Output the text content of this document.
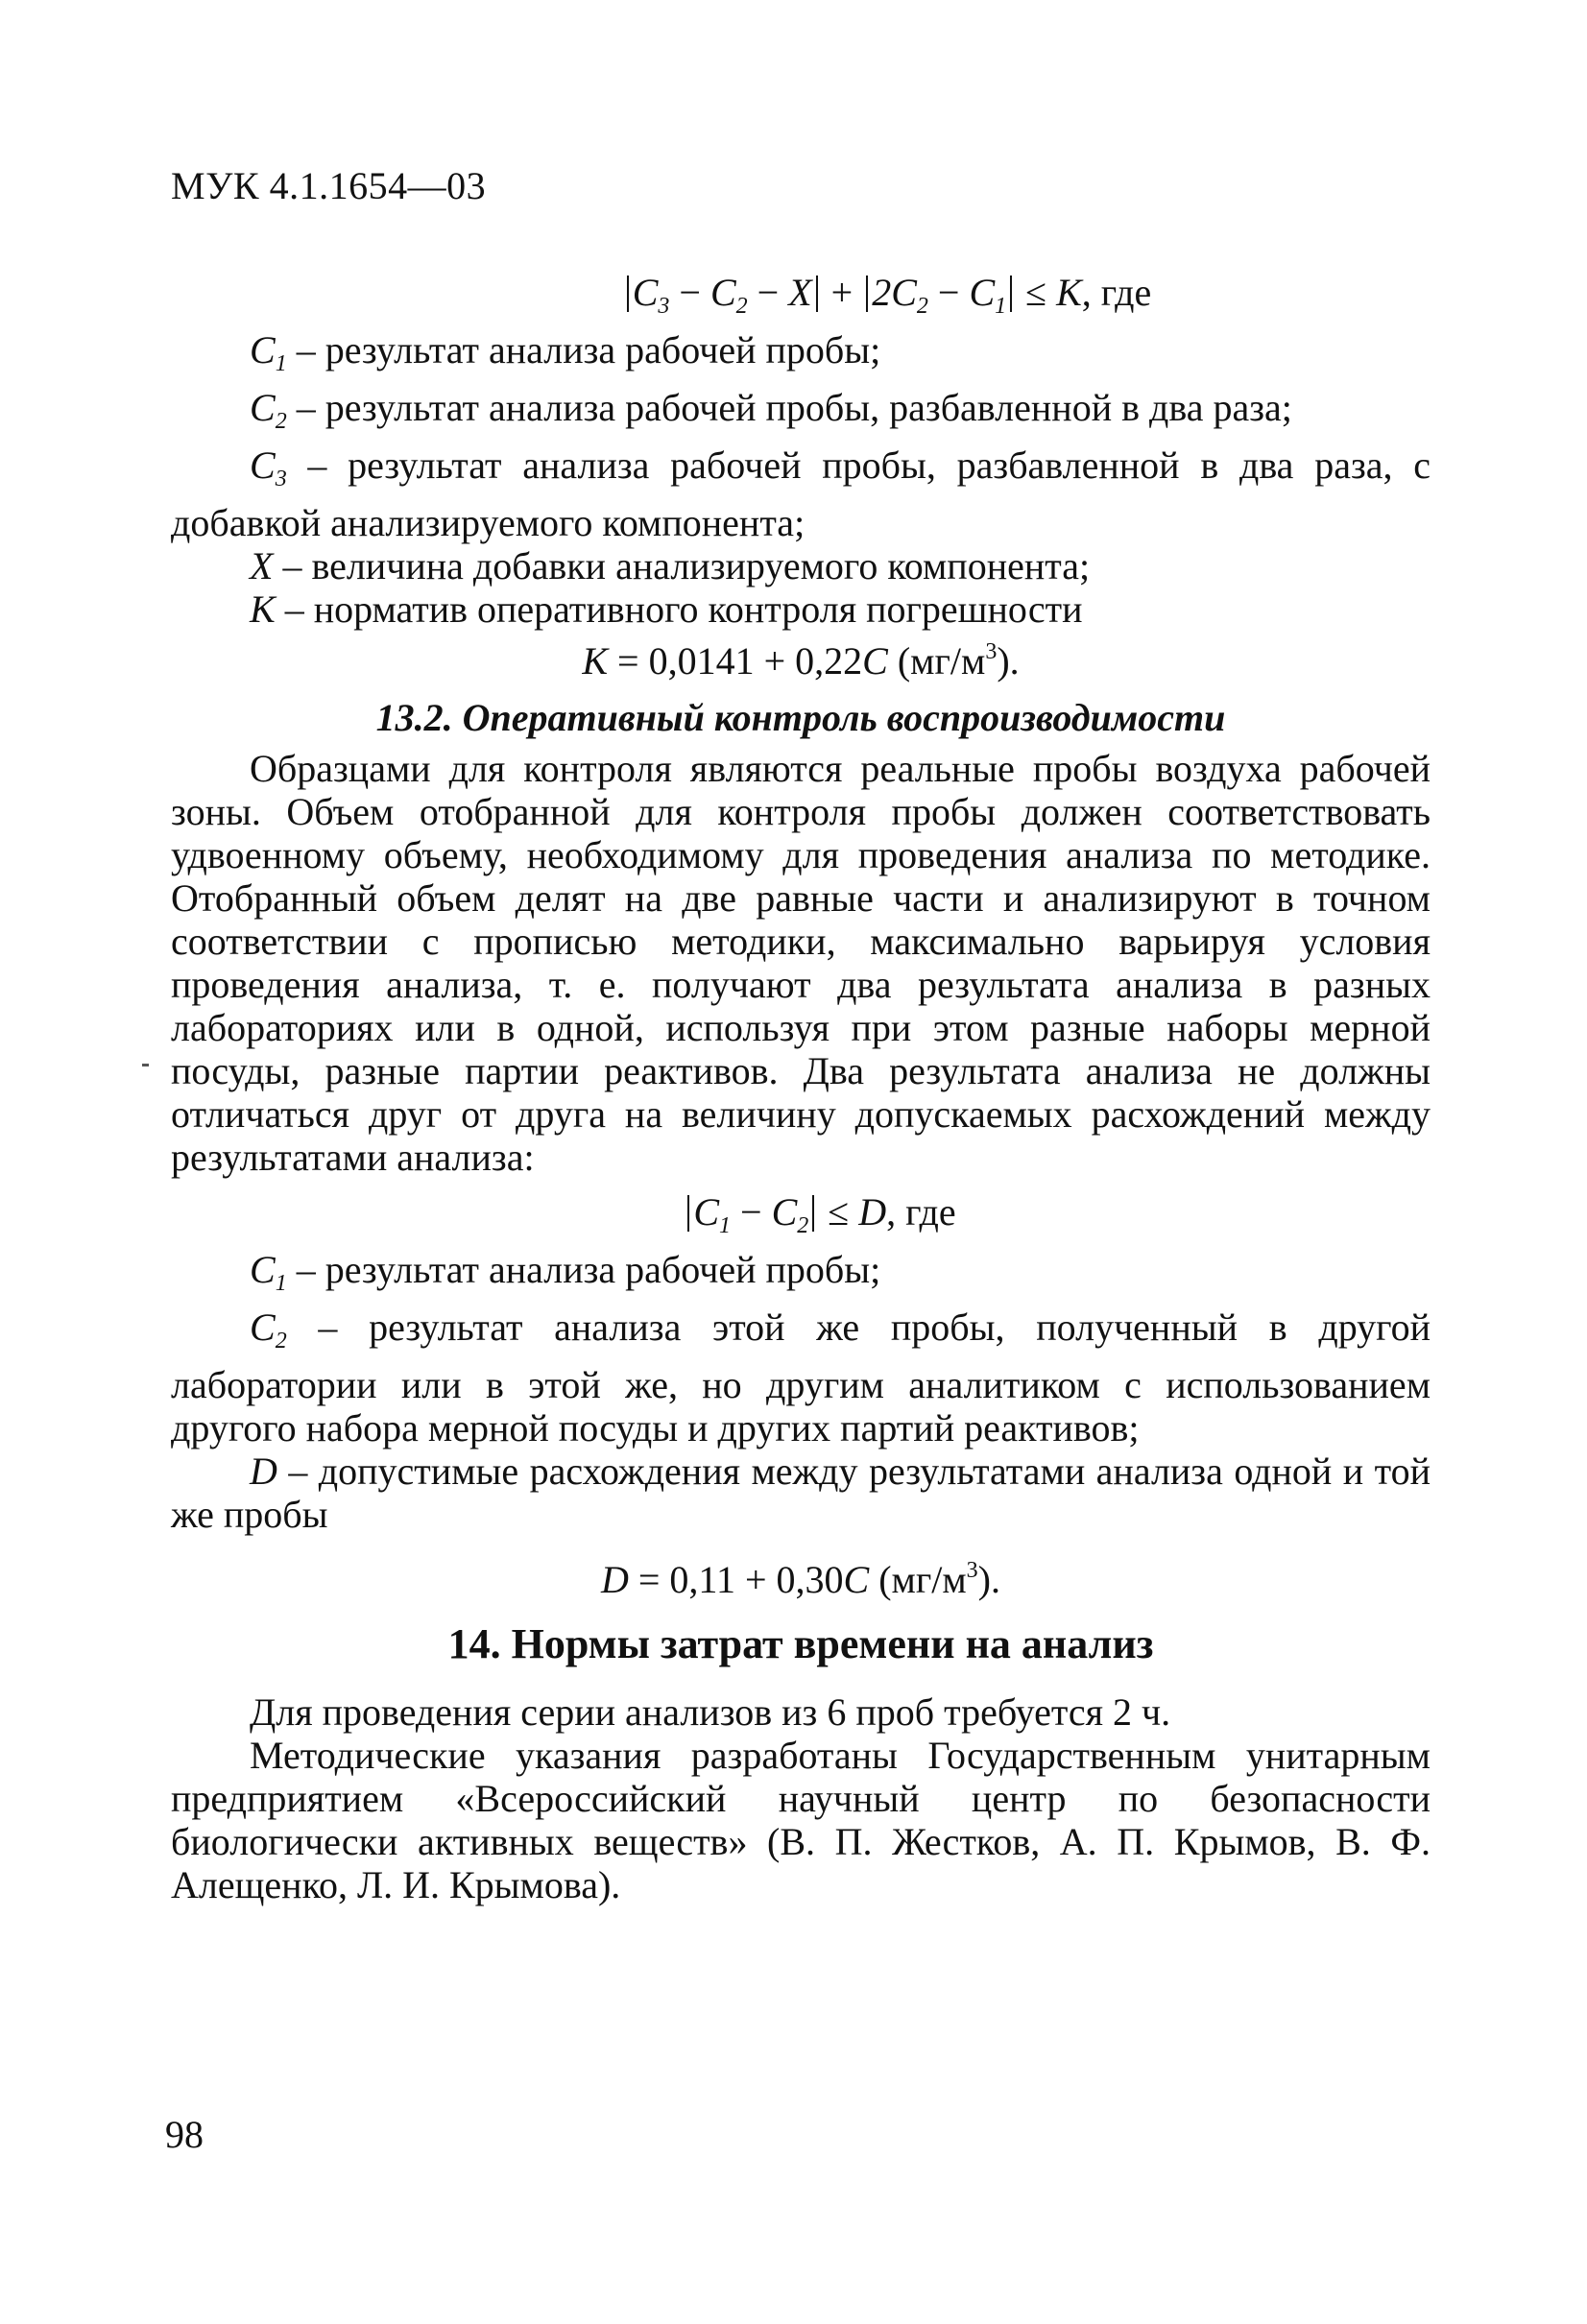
МУК 4.1.1654—03

$C_3 - C_2 - X + 2C_2 - C_1 \le K$, где

$C_1$ – результат анализа рабочей пробы;

$C_2$ – результат анализа рабочей пробы, разбавленной в два раза;

$C_3$ – результат анализа рабочей пробы, разбавленной в два раза, с добавкой анализируемого компонента;

X – величина добавки анализируемого компонента;

K – норматив оперативного контроля погрешности

K = 0,0141 + 0,22C $(мг/м^3)$.

13.2. Оперативный контроль воспроизводимости

Образцами для контроля являются реальные пробы воздуха рабочей зоны. Объем отобранной для контроля пробы должен соответствовать удвоенному объему, необходимому для проведения анализа по методике. Отобранный объем делят на две равные части и анализируют в точном соответствии с прописью методики, максимально варьируя условия проведения анализа, т. е. получают два результата анализа в разных лабораториях или в одной, используя при этом разные наборы мерной посуды, разные партии реактивов. Два результата анализа не должны отличаться друг от друга на величину допускаемых расхождений между результатами анализа:

$C_1 - C_2 \le D$, где

$C_1$ – результат анализа рабочей пробы;

$C_2$ – результат анализа этой же пробы, полученный в другой лаборатории или в этой же, но другим аналитиком с использованием другого набора мерной посуды и других партий реактивов;

D – допустимые расхождения между результатами анализа одной и той же пробы

D = 0,11 + 0,30C $(мг/м^3)$.

14. Нормы затрат времени на анализ

Для проведения серии анализов из 6 проб требуется 2 ч.

Методические указания разработаны Государственным унитарным предприятием «Всероссийский научный центр по безопасности биологически активных веществ» (В. П. Жестков, А. П. Крымов, В. Ф. Алещенко, Л. И. Крымова).

98
